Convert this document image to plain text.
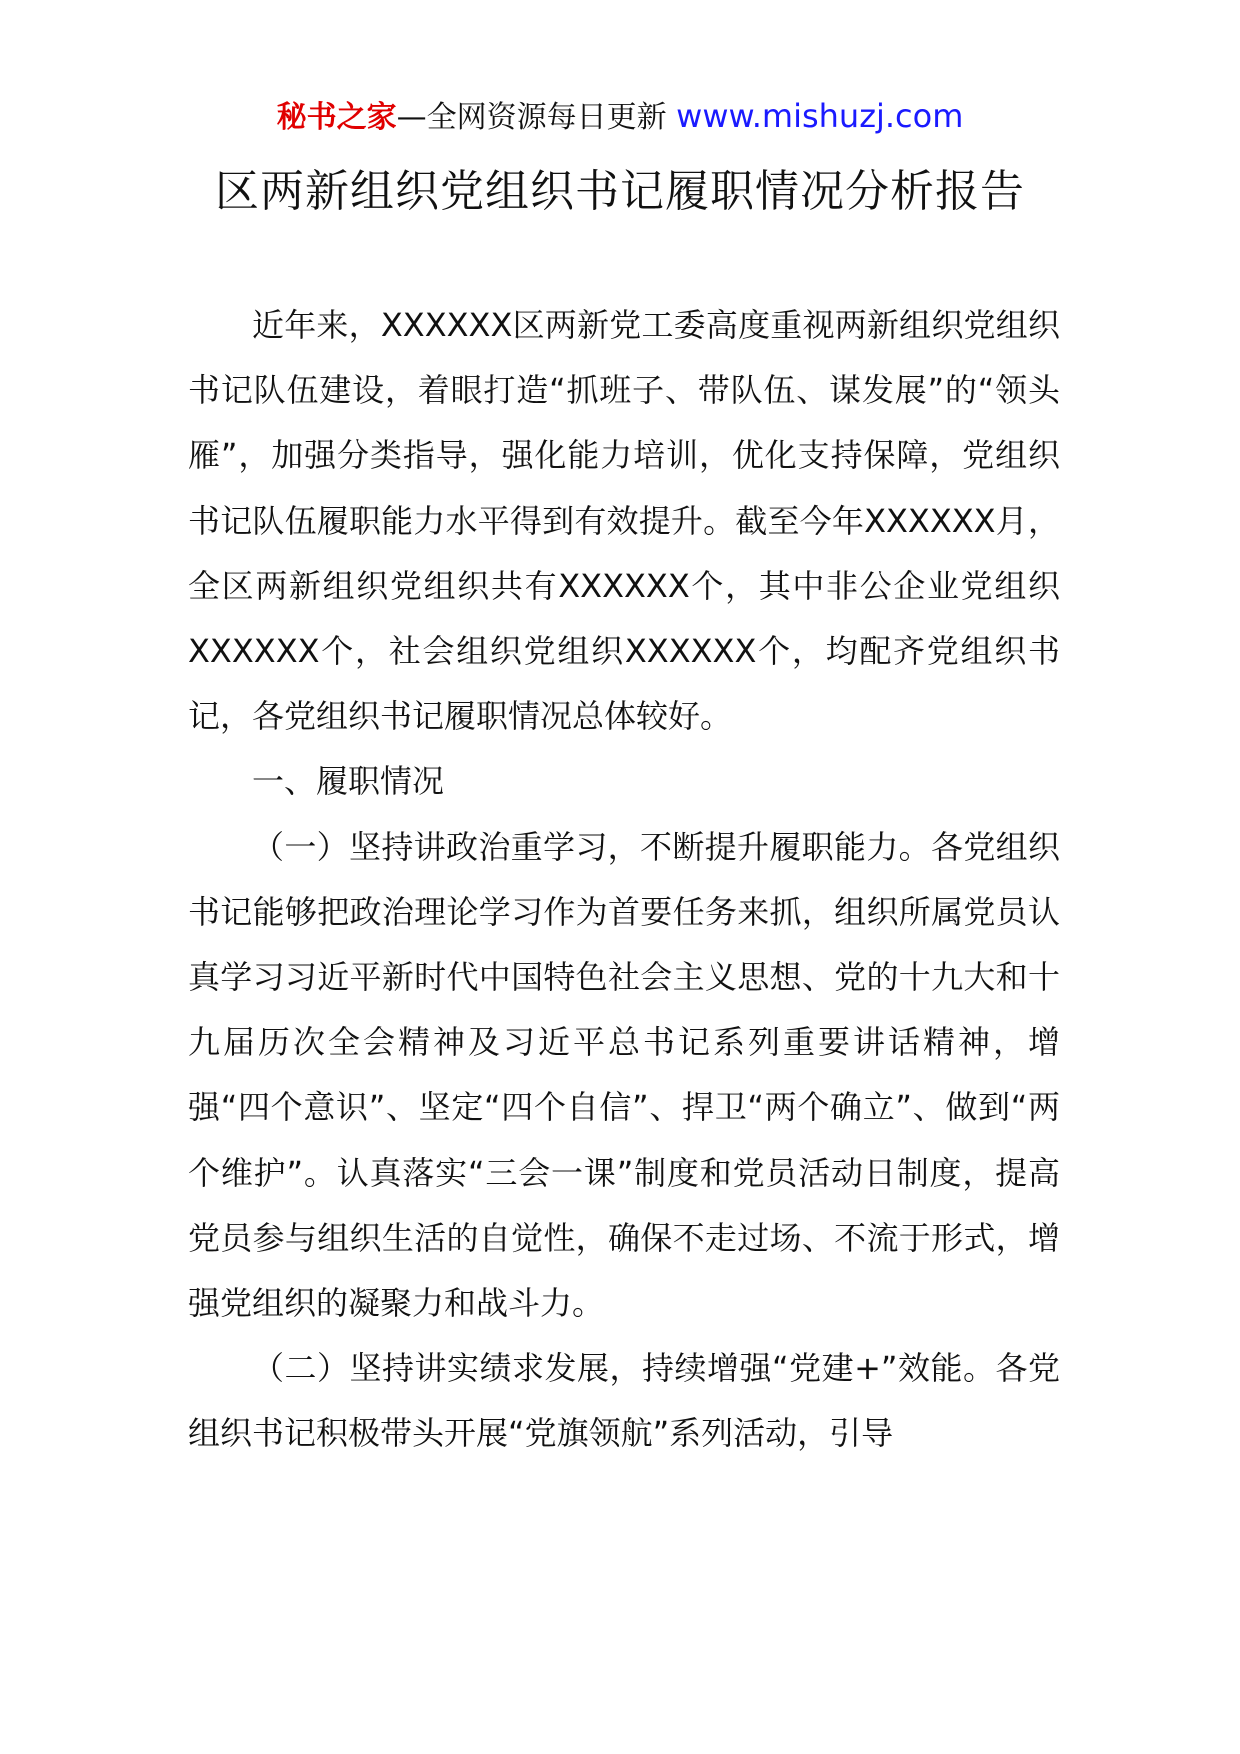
秘书之家—全网资源每日更新 www.mishuzj.com
区两新组织党组织书记履职情况分析报告

近年来，XXXXXX区两新党工委高度重视两新组织党组织书记队伍建设，着眼打造“抓班子、带队伍、谋发展”的“领头雁”，加强分类指导，强化能力培训，优化支持保障，党组织书记队伍履职能力水平得到有效提升。截至今年XXXXXX月，全区两新组织党组织共有XXXXXX个，其中非公企业党组织XXXXXX个，社会组织党组织XXXXXX个，均配齐党组织书记，各党组织书记履职情况总体较好。

一、履职情况

（一）坚持讲政治重学习，不断提升履职能力。各党组织书记能够把政治理论学习作为首要任务来抓，组织所属党员认真学习习近平新时代中国特色社会主义思想、党的十九大和十九届历次全会精神及习近平总书记系列重要讲话精神，增强“四个意识”、坚定“四个自信”、捍卫“两个确立”、做到“两个维护”。认真落实“三会一课”制度和党员活动日制度，提高党员参与组织生活的自觉性，确保不走过场、不流于形式，增强党组织的凝聚力和战斗力。

（二）坚持讲实绩求发展，持续增强“党建+”效能。各党组织书记积极带头开展“党旗领航”系列活动，引导
